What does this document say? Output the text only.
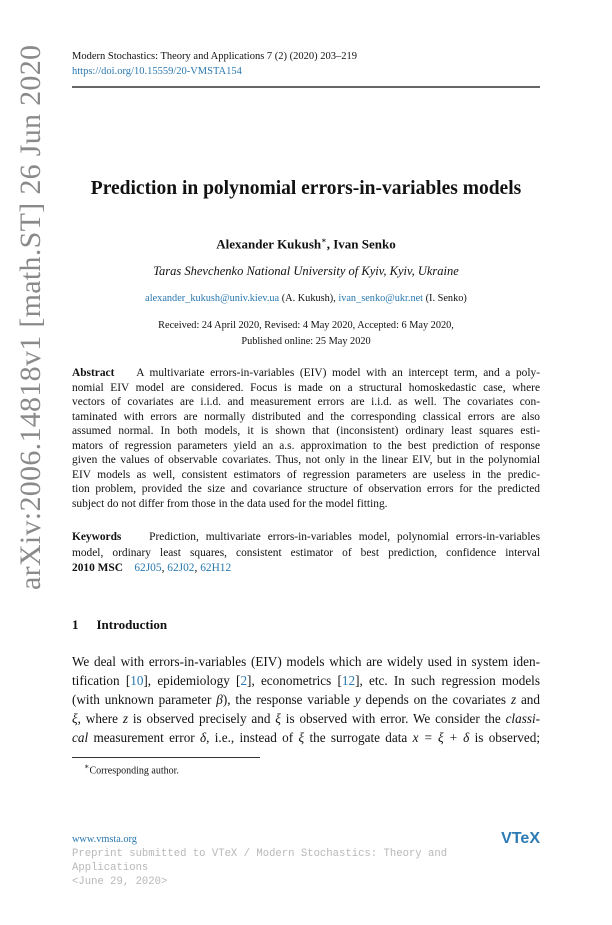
arXiv:2006.14818v1 [math.ST] 26 Jun 2020 Modern Stochastics: Theory and Applications 7 (2) (2020) 203–219
https://doi.org/10.15559/20-VMSTA154
Prediction in polynomial errors-in-variables models
Alexander Kukush∗, Ivan Senko
Taras Shevchenko National University of Kyiv, Kyiv, Ukraine
alexander_kukush@univ.kiev.ua (A. Kukush), ivan_senko@ukr.net (I. Senko)
Received: 24 April 2020, Revised: 4 May 2020, Accepted: 6 May 2020,
Published online: 25 May 2020
Abstract    A multivariate errors-in-variables (EIV) model with an intercept term, and a poly-
nomial EIV model are considered. Focus is made on a structural homoskedastic case, where
vectors of covariates are i.i.d. and measurement errors are i.i.d. as well. The covariates con-
taminated with errors are normally distributed and the corresponding classical errors are also
assumed normal. In both models, it is shown that (inconsistent) ordinary least squares esti-
mators of regression parameters yield an a.s. approximation to the best prediction of response
given the values of observable covariates. Thus, not only in the linear EIV, but in the polynomial
EIV models as well, consistent estimators of regression parameters are useless in the predic-
tion problem, provided the size and covariance structure of observation errors for the predicted
subject do not differ from those in the data used for the model fitting.
Keywords    Prediction, multivariate errors-in-variables model, polynomial errors-in-variables
model, ordinary least squares, consistent estimator of best prediction, confidence interval
2010 MSC 62J05, 62J02, 62H12
1 Introduction
We deal with errors-in-variables (EIV) models which are widely used in system iden-
tification [10], epidemiology [2], econometrics [12], etc. In such regression models
(with unknown parameter β), the response variable y depends on the covariates z and
ξ, where z is observed precisely and ξ is observed with error. We consider the classi-
cal measurement error δ, i.e., instead of ξ the surrogate data x = ξ + δ is observed;
∗Corresponding author.
www.vmsta.org	VTeX
Preprint submitted to VTeX / Modern Stochastics: Theory and
Applications
<June 29, 2020>
